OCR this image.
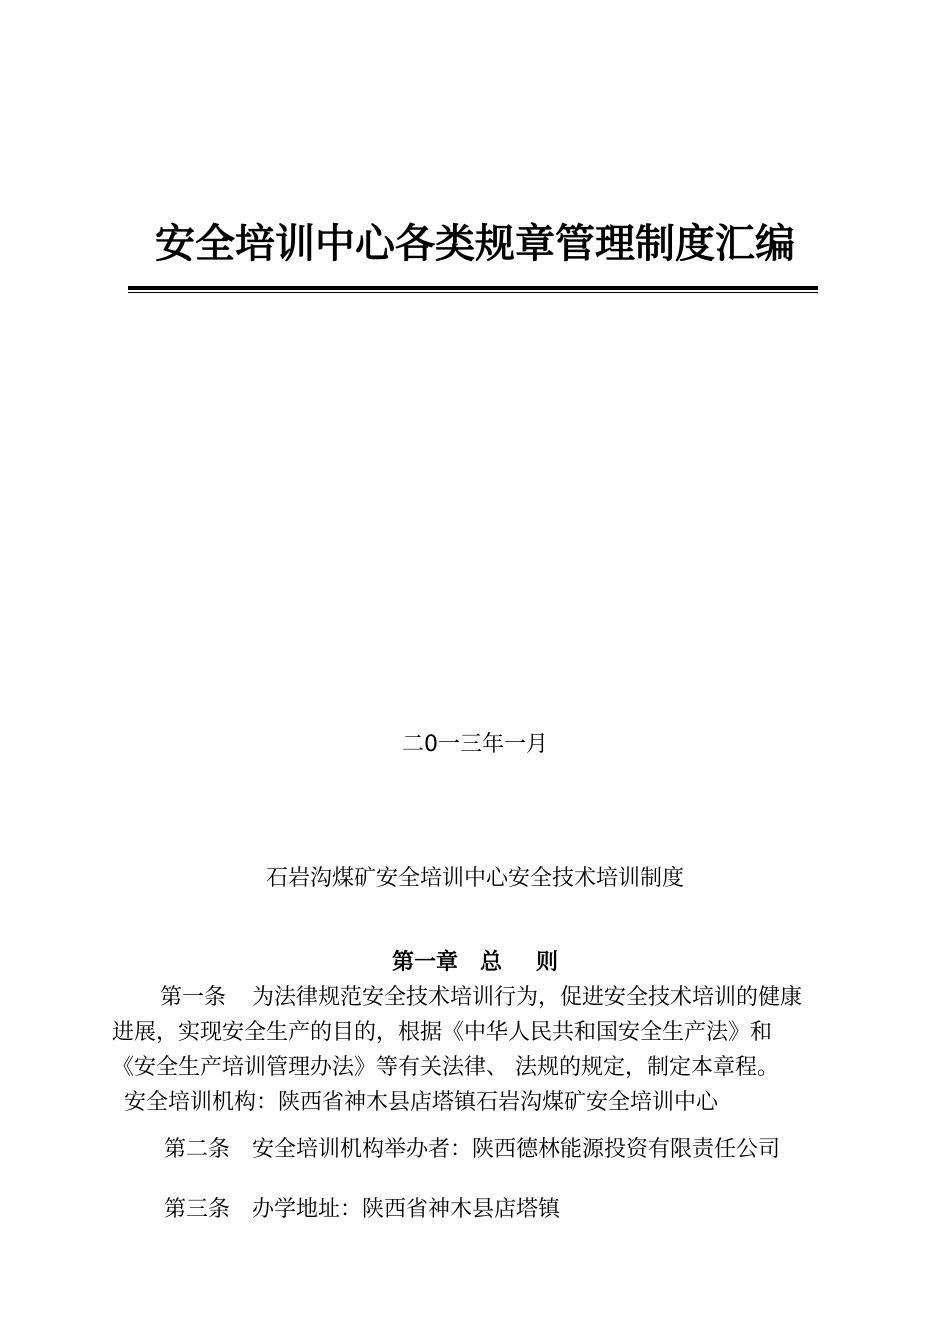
安全培训中心各类规章管理制度汇编
二0一三年一月
石岩沟煤矿安全培训中心安全技术培训制度
第一章 总 则
第一条 为法律规范安全技术培训行为，促进安全技术培训的健康
进展，实现安全生产的目的，根据《中华人民共和国安全生产法》和
《安全生产培训管理办法》等有关法律、 法规的规定，制定本章程。
安全培训机构：陕西省神木县店塔镇石岩沟煤矿安全培训中心
第二条 安全培训机构举办者：陕西德林能源投资有限责任公司
第三条 办学地址：陕西省神木县店塔镇
